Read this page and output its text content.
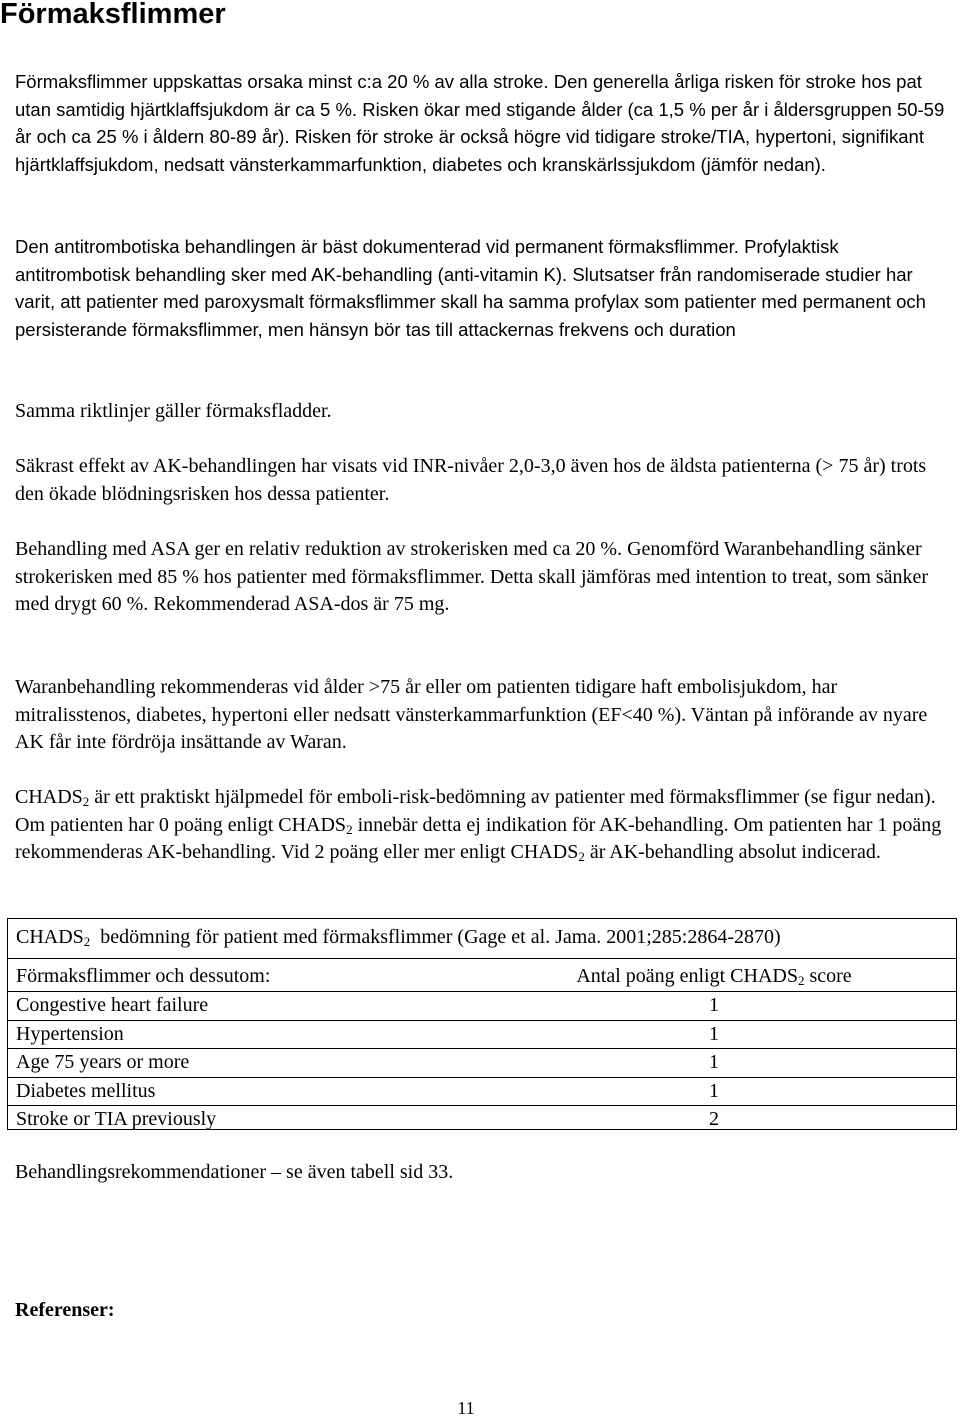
Förmaksflimmer

Förmaksflimmer uppskattas orsaka minst c:a 20 % av alla stroke. Den generella årliga risken för stroke hos pat utan samtidig hjärtklaffsjukdom är ca 5 %. Risken ökar med stigande ålder (ca 1,5 % per år i åldersgruppen 50-59 år och ca 25 % i åldern 80-89 år). Risken för stroke är också högre vid tidigare stroke/TIA, hypertoni, signifikant hjärtklaffsjukdom, nedsatt vänsterkammarfunktion, diabetes och kranskärlssjukdom (jämför nedan).

Den antitrombotiska behandlingen är bäst dokumenterad vid permanent förmaksflimmer. Profylaktisk antitrombotisk behandling sker med AK-behandling (anti-vitamin K). Slutsatser från randomiserade studier har varit, att patienter med paroxysmalt förmaksflimmer skall ha samma profylax som patienter med permanent och persisterande förmaksflimmer, men hänsyn bör tas till attackernas frekvens och duration

Samma riktlinjer gäller förmaksfladder.

Säkrast effekt av AK-behandlingen har visats vid INR-nivåer 2,0-3,0 även hos de äldsta patienterna (> 75 år) trots den ökade blödningsrisken hos dessa patienter.

Behandling med ASA ger en relativ reduktion av strokerisken med ca 20 %. Genomförd Waranbehandling sänker strokerisken med 85 % hos patienter med förmaksflimmer. Detta skall jämföras med intention to treat, som sänker med drygt 60 %. Rekommenderad ASA-dos är 75 mg.

Waranbehandling rekommenderas vid ålder >75 år eller om patienten tidigare haft embolisjukdom, har mitralisstenos, diabetes, hypertoni eller nedsatt vänsterkammarfunktion (EF<40 %). Väntan på införande av nyare AK får inte fördröja insättande av Waran.

$CHADS_2$ är ett praktiskt hjälpmedel för emboli-risk-bedömning av patienter med förmaksflimmer (se figur nedan). Om patienten har 0 poäng enligt $CHADS_2$ innebär detta ej indikation för AK-behandling. Om patienten har 1 poäng rekommenderas AK-behandling. Vid 2 poäng eller mer enligt $CHADS_2$ är AK-behandling absolut indicerad.

$CHADS_2$  bedömning för patient med förmaksflimmer (Gage et al. Jama. 2001;285:2864-2870)
Förmaksflimmer och dessutom:	Antal poäng enligt $CHADS_2$ score
Congestive heart failure	1
Hypertension	1
Age 75 years or more	1
Diabetes mellitus	1
Stroke or TIA previously	2

Behandlingsrekommendationer – se även tabell sid 33.

Referenser:

11
